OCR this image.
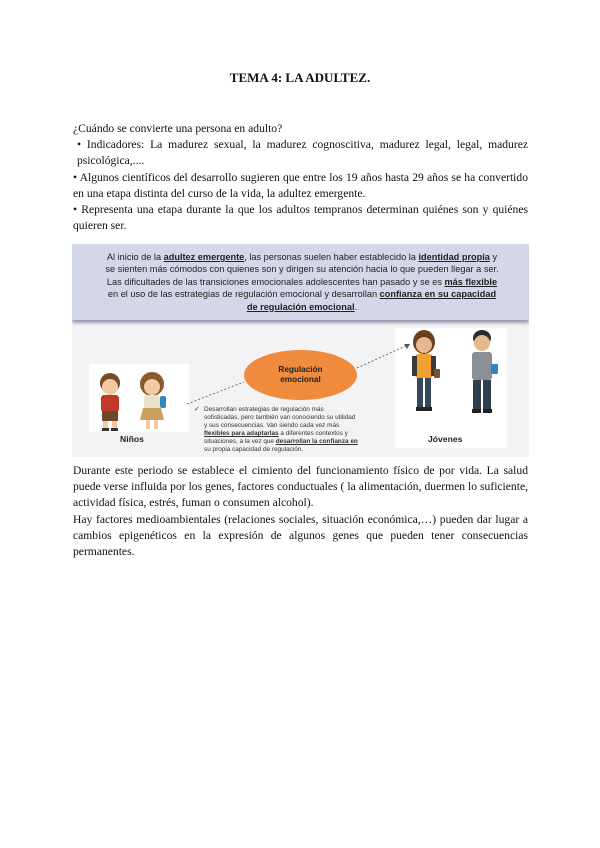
TEMA 4: LA ADULTEZ.

¿Cuándo se convierte una persona en adulto?

• Indicadores: La madurez sexual, la madurez cognoscitiva, madurez legal, legal, madurez psicológica,....

• Algunos científicos del desarrollo sugieren que entre los 19 años hasta 29 años se ha convertido en una etapa distinta del curso de la vida, la adultez emergente.

• Representa una etapa durante la que los adultos tempranos determinan quiénes son y quiénes quieren ser.

Al inicio de la adultez emergente, las personas suelen haber establecido la identidad propia y
se sienten más cómodos con quienes son y dirigen su atención hacia lo que pueden llegar a ser.
Las dificultades de las transiciones emocionales adolescentes han pasado y se es más flexible
en el uso de las estrategias de regulación emocional y desarrollan confianza en su capacidad
de regulación emocional.
Regulación emocional
Niños	Jóvenes
✓ Desarrollan estrategias de regulación más
sofisticadas, pero también van conociendo su utilidad
y sus consecuencias. Van siendo cada vez más
flexibles para adaptarlas a diferentes contextos y
situaciones, a la vez que desarrollan la confianza en
su propia capacidad de regulación.

Durante este periodo se establece el cimiento del funcionamiento físico de por vida. La salud puede verse influida por los genes, factores conductuales ( la alimentación, duermen lo suficiente, actividad física, estrés, fuman o consumen alcohol).

Hay factores medioambientales (relaciones sociales, situación económica,…) pueden dar lugar a cambios epigenéticos en la expresión de algunos genes que pueden tener consecuencias permanentes.
